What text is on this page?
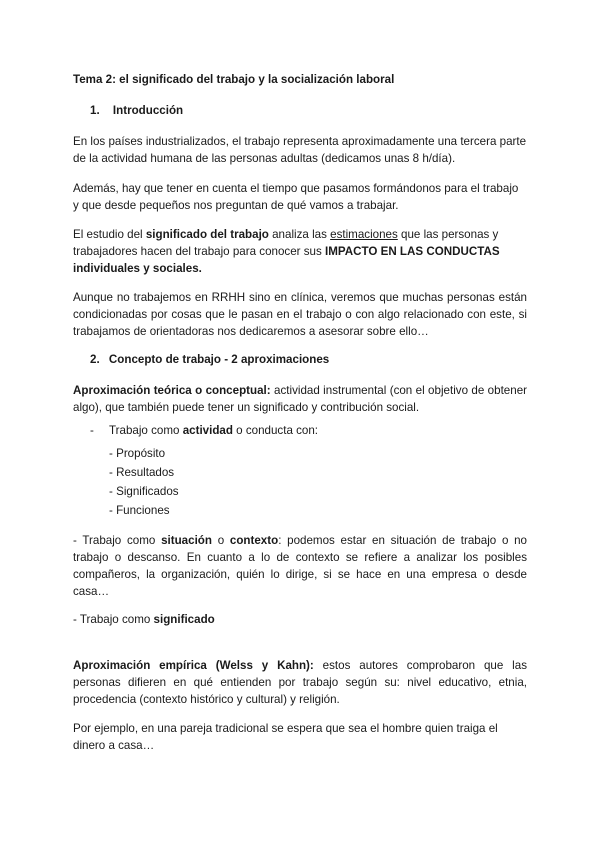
Tema 2: el significado del trabajo y la socialización laboral
1. Introducción

En los países industrializados, el trabajo representa aproximadamente una tercera parte de la actividad humana de las personas adultas (dedicamos unas 8 h/día).

Además, hay que tener en cuenta el tiempo que pasamos formándonos para el trabajo y que desde pequeños nos preguntan de qué vamos a trabajar.

El estudio del significado del trabajo analiza las estimaciones que las personas y trabajadores hacen del trabajo para conocer sus IMPACTO EN LAS CONDUCTAS individuales y sociales.

Aunque no trabajemos en RRHH sino en clínica, veremos que muchas personas están condicionadas por cosas que le pasan en el trabajo o con algo relacionado con este, si trabajamos de orientadoras nos dedicaremos a asesorar sobre ello…

2. Concepto de trabajo - 2 aproximaciones

Aproximación teórica o conceptual: actividad instrumental (con el objetivo de obtener algo), que también puede tener un significado y contribución social.

- Trabajo como actividad o conducta con:
- Propósito
- Resultados
- Significados
- Funciones

- Trabajo como situación o contexto: podemos estar en situación de trabajo o no trabajo o descanso. En cuanto a lo de contexto se refiere a analizar los posibles compañeros, la organización, quién lo dirige, si se hace en una empresa o desde casa…

- Trabajo como significado

Aproximación empírica (Welss y Kahn): estos autores comprobaron que las personas difieren en qué entienden por trabajo según su: nivel educativo, etnia, procedencia (contexto histórico y cultural) y religión.

Por ejemplo, en una pareja tradicional se espera que sea el hombre quien traiga el dinero a casa…
